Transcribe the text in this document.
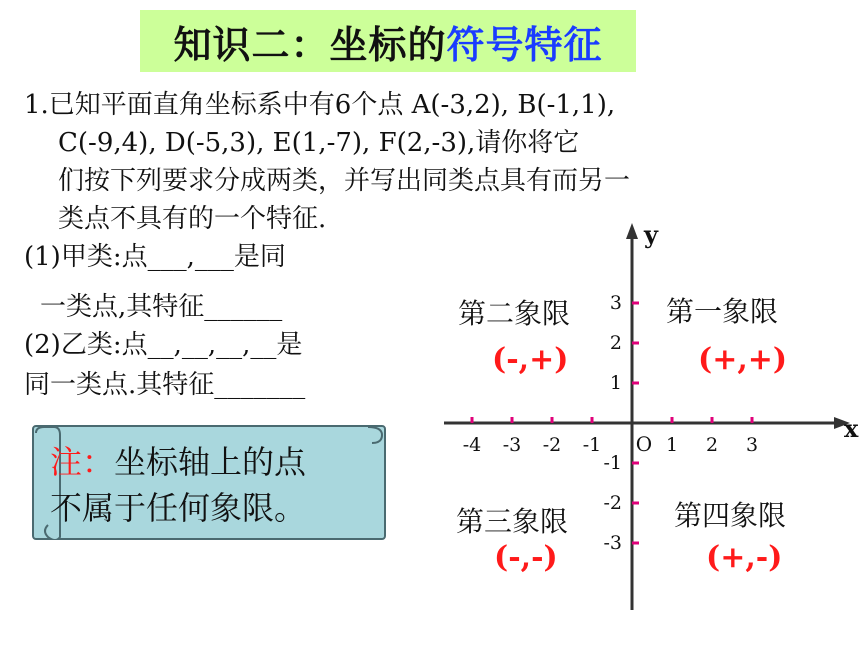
知识二：坐标的 符号特征
1.已知平面直角坐标系中有6个点 A(-3,2), B(-1,1),
C(-9,4), D(-5,3), E(1,-7), F(2,-3),请你将它
们按下列要求分成两类，并写出同类点具有而另一
类点不具有的一个特征.
(1)甲类:点___,___是同
一类点,其特征______
(2)乙类:点__,__,__,__是
同一类点.其特征_______
注：坐标轴上的点
不属于任何象限。
-4 -3 -2 -1	1 2 3
3
2
1
-1
-2
-3
O
x
y
第二象限
(-,+)
第一象限
(+,+)
第三象限
(-,-)
第四象限
(+,-)
